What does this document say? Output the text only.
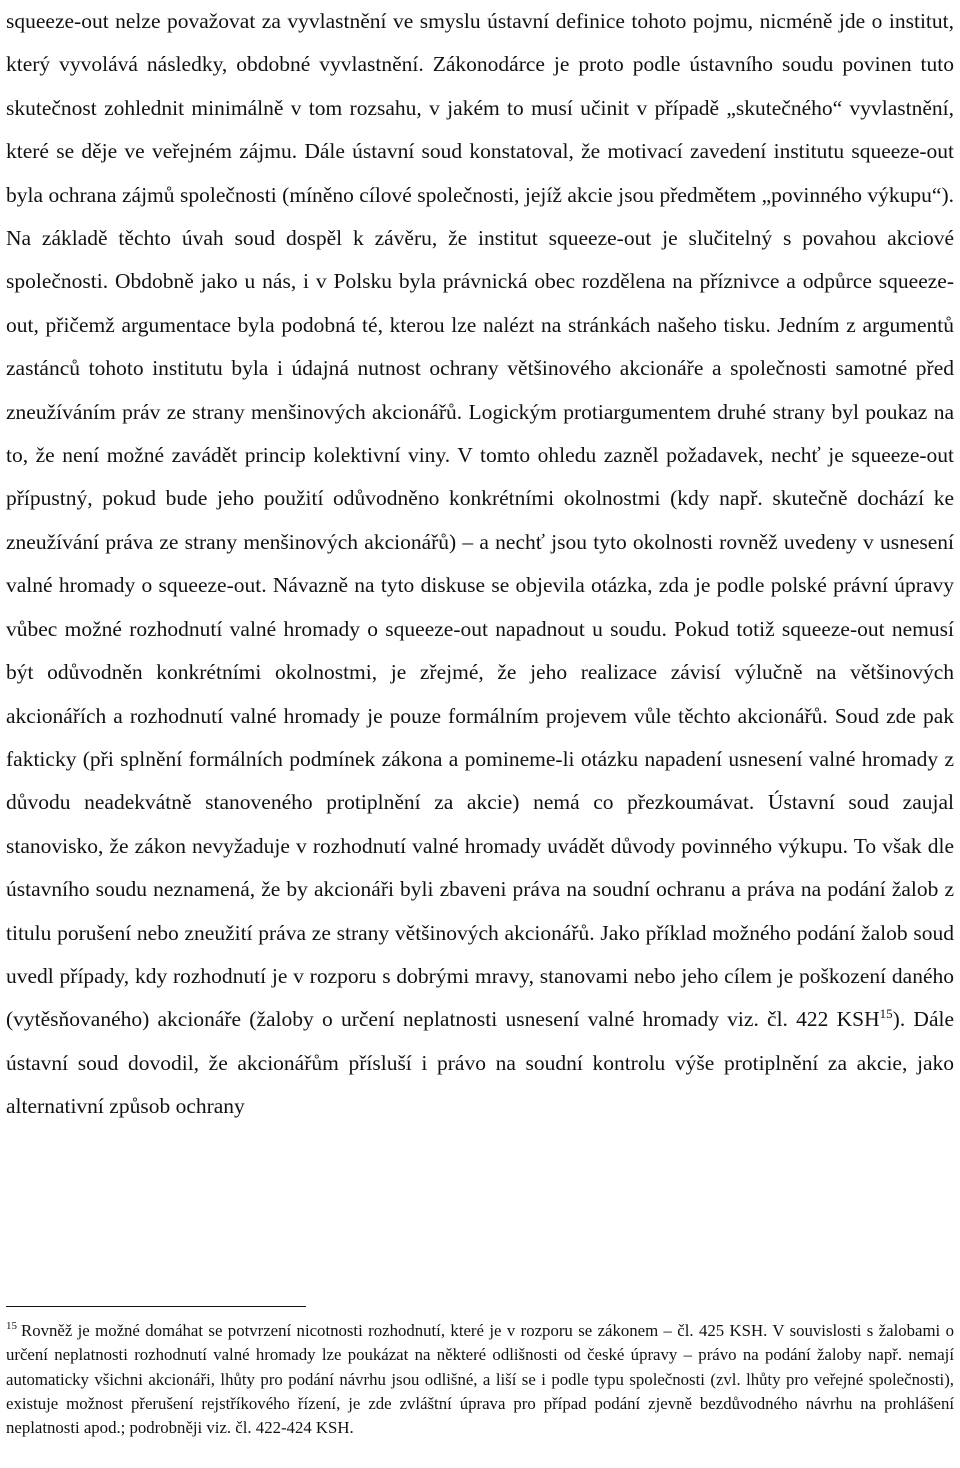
squeeze-out nelze považovat za vyvlastnění ve smyslu ústavní definice tohoto pojmu, nicméně jde o institut, který vyvolává následky, obdobné vyvlastnění. Zákonodárce je proto podle ústavního soudu povinen tuto skutečnost zohlednit minimálně v tom rozsahu, v jakém to musí učinit v případě „skutečného“ vyvlastnění, které se děje ve veřejném zájmu. Dále ústavní soud konstatoval, že motivací zavedení institutu squeeze-out byla ochrana zájmů společnosti (míněno cílové společnosti, jejíž akcie jsou předmětem „povinného výkupu“). Na základě těchto úvah soud dospěl k závěru, že institut squeeze-out je slučitelný s povahou akciové společnosti. Obdobně jako u nás, i v Polsku byla právnická obec rozdělena na příznivce a odpůrce squeeze-out, přičemž argumentace byla podobná té, kterou lze nalézt na stránkách našeho tisku. Jedním z argumentů zastánců tohoto institutu byla i údajná nutnost ochrany většinového akcionáře a společnosti samotné před zneužíváním práv ze strany menšinových akcionářů. Logickým protiargumentem druhé strany byl poukaz na to, že není možné zavádět princip kolektivní viny. V tomto ohledu zazněl požadavek, nechť je squeeze-out přípustný, pokud bude jeho použití odůvodněno konkrétními okolnostmi (kdy např. skutečně dochází ke zneužívání práva ze strany menšinových akcionářů) – a nechť jsou tyto okolnosti rovněž uvedeny v usnesení valné hromady o squeeze-out. Návazně na tyto diskuse se objevila otázka, zda je podle polské právní úpravy vůbec možné rozhodnutí valné hromady o squeeze-out napadnout u soudu. Pokud totiž squeeze-out nemusí být odůvodněn konkrétními okolnostmi, je zřejmé, že jeho realizace závisí výlučně na většinových akcionářích a rozhodnutí valné hromady je pouze formálním projevem vůle těchto akcionářů. Soud zde pak fakticky (při splnění formálních podmínek zákona a pomineme-li otázku napadení usnesení valné hromady z důvodu neadekvátně stanoveného protiplnění za akcie) nemá co přezkoumávat. Ústavní soud zaujal stanovisko, že zákon nevyžaduje v rozhodnutí valné hromady uvádět důvody povinného výkupu. To však dle ústavního soudu neznamená, že by akcionáři byli zbaveni práva na soudní ochranu a práva na podání žalob z titulu porušení nebo zneužití práva ze strany většinových akcionářů. Jako příklad možného podání žalob soud uvedl případy, kdy rozhodnutí je v rozporu s dobrými mravy, stanovami nebo jeho cílem je poškození daného (vytěsňovaného) akcionáře (žaloby o určení neplatnosti usnesení valné hromady viz. čl. 422 KSH$^{15}$). Dále ústavní soud dovodil, že akcionářům přísluší i právo na soudní kontrolu výše protiplnění za akcie, jako alternativní způsob ochrany

$^{15}$ Rovněž je možné domáhat se potvrzení nicotnosti rozhodnutí, které je v rozporu se zákonem – čl. 425 KSH. V souvislosti s žalobami o určení neplatnosti rozhodnutí valné hromady lze poukázat na některé odlišnosti od české úpravy – právo na podání žaloby např. nemají automaticky všichni akcionáři, lhůty pro podání návrhu jsou odlišné, a liší se i podle typu společnosti (zvl. lhůty pro veřejné společnosti), existuje možnost přerušení rejstříkového řízení, je zde zvláštní úprava pro případ podání zjevně bezdůvodného návrhu na prohlášení neplatnosti apod.; podrobněji viz. čl. 422-424 KSH.
